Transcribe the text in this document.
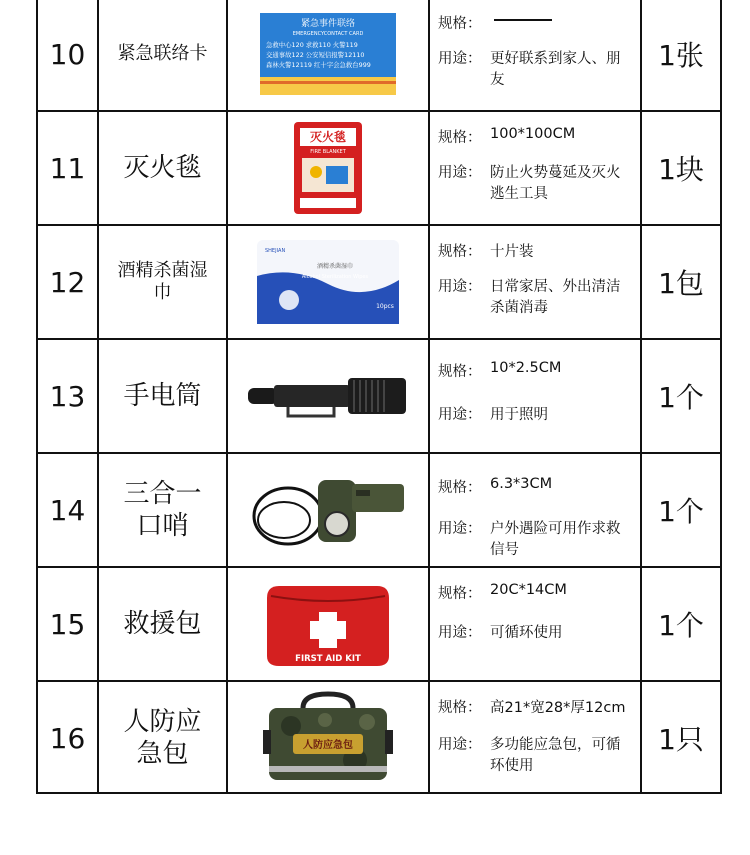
10	紧急联络卡
紧急事件联络
EMERGENCYCONTACT CARD
急救中心120 求救110 火警119
交通事故122 公安短信报警12110
森林火警12119 红十字会急救台999
规格：
用途： 更好联系到家人、朋友
1张
11	灭火毯
灭火毯
FIRE BLANKET
规格： 100*100CM
用途： 防止火势蔓延及灭火逃生工具
1块
12	酒精杀菌湿巾
SHEJIAN
酒精杀菌湿巾
Alcohol Sterilization Wipes
10pcs
规格： 十片装
用途： 日常家居、外出清洁杀菌消毒
1包
13	手电筒
规格： 10*2.5CM
用途： 用于照明
1个
14	三合一口哨
规格： 6.3*3CM
用途： 户外遇险可用作求救信号
1个
15	救援包
FIRST AID KIT
规格： 20C*14CM
用途： 可循环使用	1个
16	人防应急包	人防应急包
规格： 高21*宽28*厚12cm
用途： 多功能应急包，可循环使用
1只
